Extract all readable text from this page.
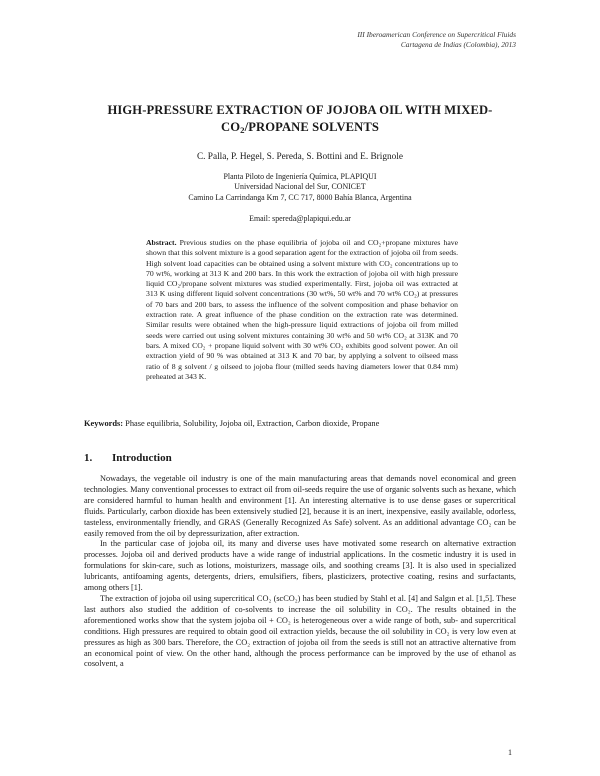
III Iberoamerican Conference on Supercritical Fluids
Cartagena de Indias (Colombia), 2013
HIGH-PRESSURE EXTRACTION OF JOJOBA OIL WITH MIXED-
$CO_2$/PROPANE SOLVENTS
C. Palla, P. Hegel, S. Pereda, S. Bottini and E. Brignole
Planta Piloto de Ingeniería Química, PLAPIQUI
Universidad Nacional del Sur, CONICET
Camino La Carrindanga Km 7, CC 717, 8000 Bahía Blanca, Argentina
Email: spereda@plapiqui.edu.ar
Abstract. Previous studies on the phase equilibria of jojoba oil and CO₂+propane mixtures have shown that this solvent mixture is a good separation agent for the extraction of jojoba oil from seeds. High solvent load capacities can be obtained using a solvent mixture with CO₂ concentrations up to 70 wt%, working at 313 K and 200 bars. In this work the extraction of jojoba oil with high pressure liquid CO₂/propane solvent mixtures was studied experimentally. First, jojoba oil was extracted at 313 K using different liquid solvent concentrations (30 wt%, 50 wt% and 70 wt% CO₂) at pressures of 70 bars and 200 bars, to assess the influence of the solvent composition and phase behavior on extraction rate. A great influence of the phase condition on the extraction rate was determined. Similar results were obtained when the high-pressure liquid extractions of jojoba oil from milled seeds were carried out using solvent mixtures containing 30 wt% and 50 wt% CO₂ at 313K and 70 bars. A mixed CO₂ + propane liquid solvent with 30 wt% CO₂ exhibits good solvent power. An oil extraction yield of 90 % was obtained at 313 K and 70 bar, by applying a solvent to oilseed mass ratio of 8 g solvent / g oilseed to jojoba flour (milled seeds having diameters lower that 0.84 mm) preheated at 343 K.
Keywords: Phase equilibria, Solubility, Jojoba oil, Extraction, Carbon dioxide, Propane
1. Introduction

Nowadays, the vegetable oil industry is one of the main manufacturing areas that demands novel economical and green technologies. Many conventional processes to extract oil from oil-seeds require the use of organic solvents such as hexane, which are considered harmful to human health and environment [1]. An interesting alternative is to use dense gases or supercritical fluids. Particularly, carbon dioxide has been extensively studied [2], because it is an inert, inexpensive, easily available, odorless, tasteless, environmentally friendly, and GRAS (Generally Recognized As Safe) solvent. As an additional advantage CO₂ can be easily removed from the oil by depressurization, after extraction.

In the particular case of jojoba oil, its many and diverse uses have motivated some research on alternative extraction processes. Jojoba oil and derived products have a wide range of industrial applications. In the cosmetic industry it is used in formulations for skin-care, such as lotions, moisturizers, massage oils, and soothing creams [3]. It is also used in specialized lubricants, antifoaming agents, detergents, driers, emulsifiers, fibers, plasticizers, protective coating, resins and surfactants, among others [1].

The extraction of jojoba oil using supercritical CO₂ (scCO₂) has been studied by Stahl et al. [4] and Salgın et al. [1,5]. These last authors also studied the addition of co-solvents to increase the oil solubility in CO₂. The results obtained in the aforementioned works show that the system jojoba oil + CO₂ is heterogeneous over a wide range of both, sub- and supercritical conditions. High pressures are required to obtain good oil extraction yields, because the oil solubility in CO₂ is very low even at pressures as high as 300 bars. Therefore, the CO₂ extraction of jojoba oil from the seeds is still not an attractive alternative from an economical point of view. On the other hand, although the process performance can be improved by the use of ethanol as cosolvent, a

1
